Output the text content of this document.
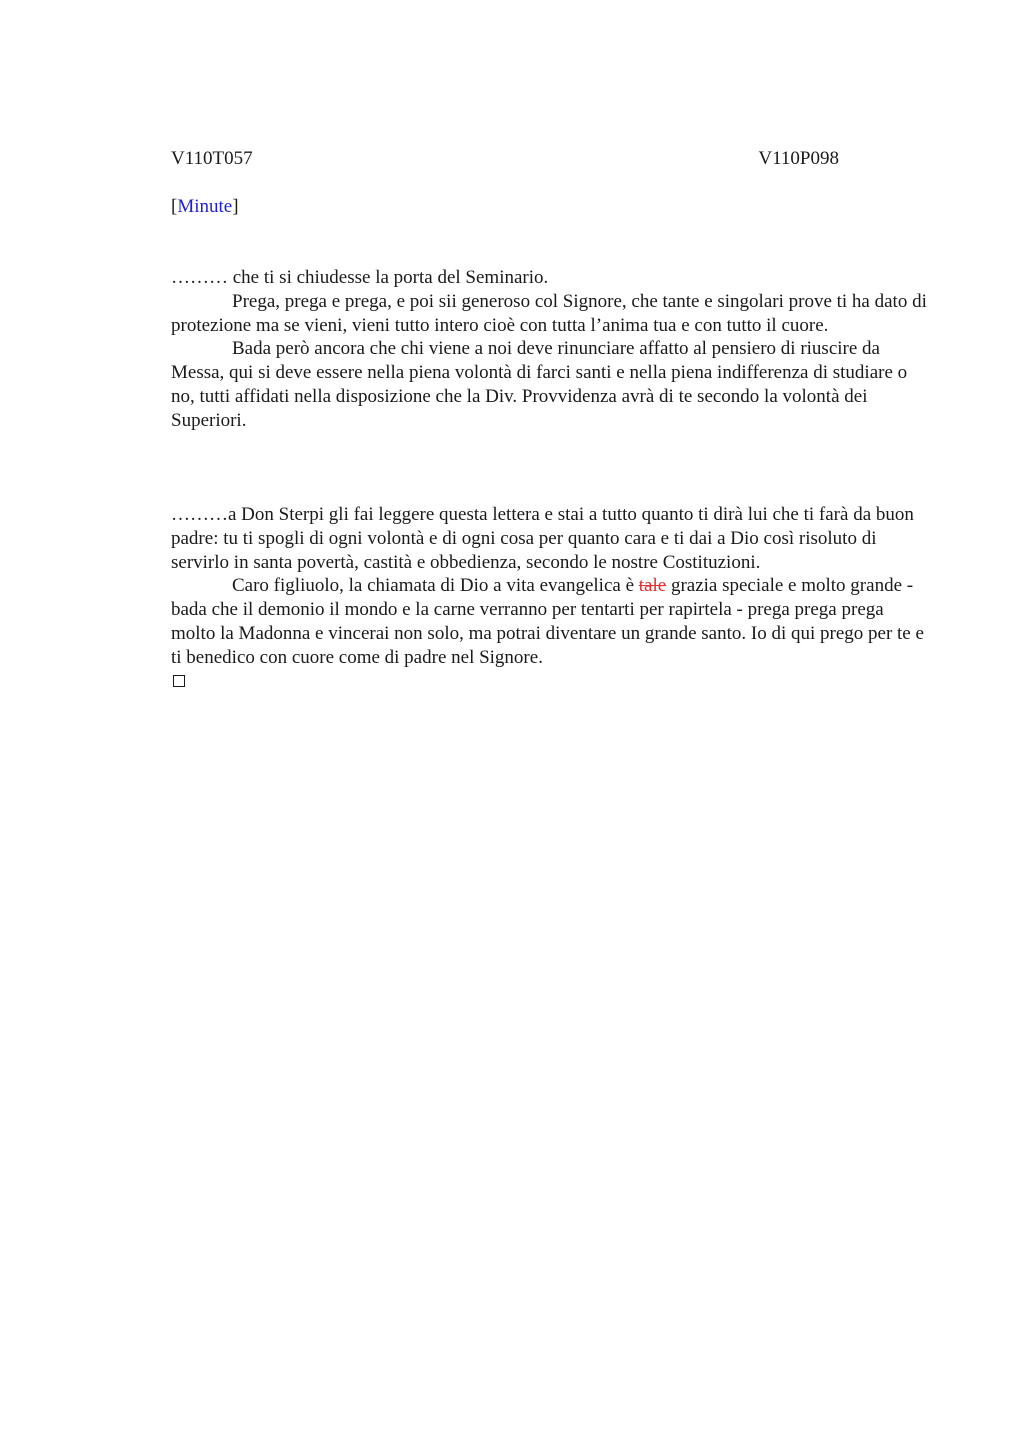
V110T057	V110P098
[Minute]

……… che ti si chiudesse la porta del Seminario.

Prega, prega e prega, e poi sii generoso col Signore, che tante e singolari prove ti ha dato di protezione ma se vieni, vieni tutto intero cioè con tutta l’anima tua e con tutto il cuore.

Bada però ancora che chi viene a noi deve rinunciare affatto al pensiero di riuscire da Messa, qui si deve essere nella piena volontà di farci santi e nella piena indifferenza di studiare o no, tutti affidati nella disposizione che la Div. Provvidenza avrà di te secondo la volontà dei Superiori.

………a Don Sterpi gli fai leggere questa lettera e stai a tutto quanto ti dirà lui che ti farà da buon padre: tu ti spogli di ogni volontà e di ogni cosa per quanto cara e ti dai a Dio così risoluto di servirlo in santa povertà, castità e obbedienza, secondo le nostre Costituzioni.

Caro figliuolo, la chiamata di Dio a vita evangelica è tale grazia speciale e molto grande - bada che il demonio il mondo e la carne verranno per tentarti per rapirtela - prega prega prega molto la Madonna e vincerai non solo, ma potrai diventare un grande santo. Io di qui prego per te e ti benedico con cuore come di padre nel Signore.
